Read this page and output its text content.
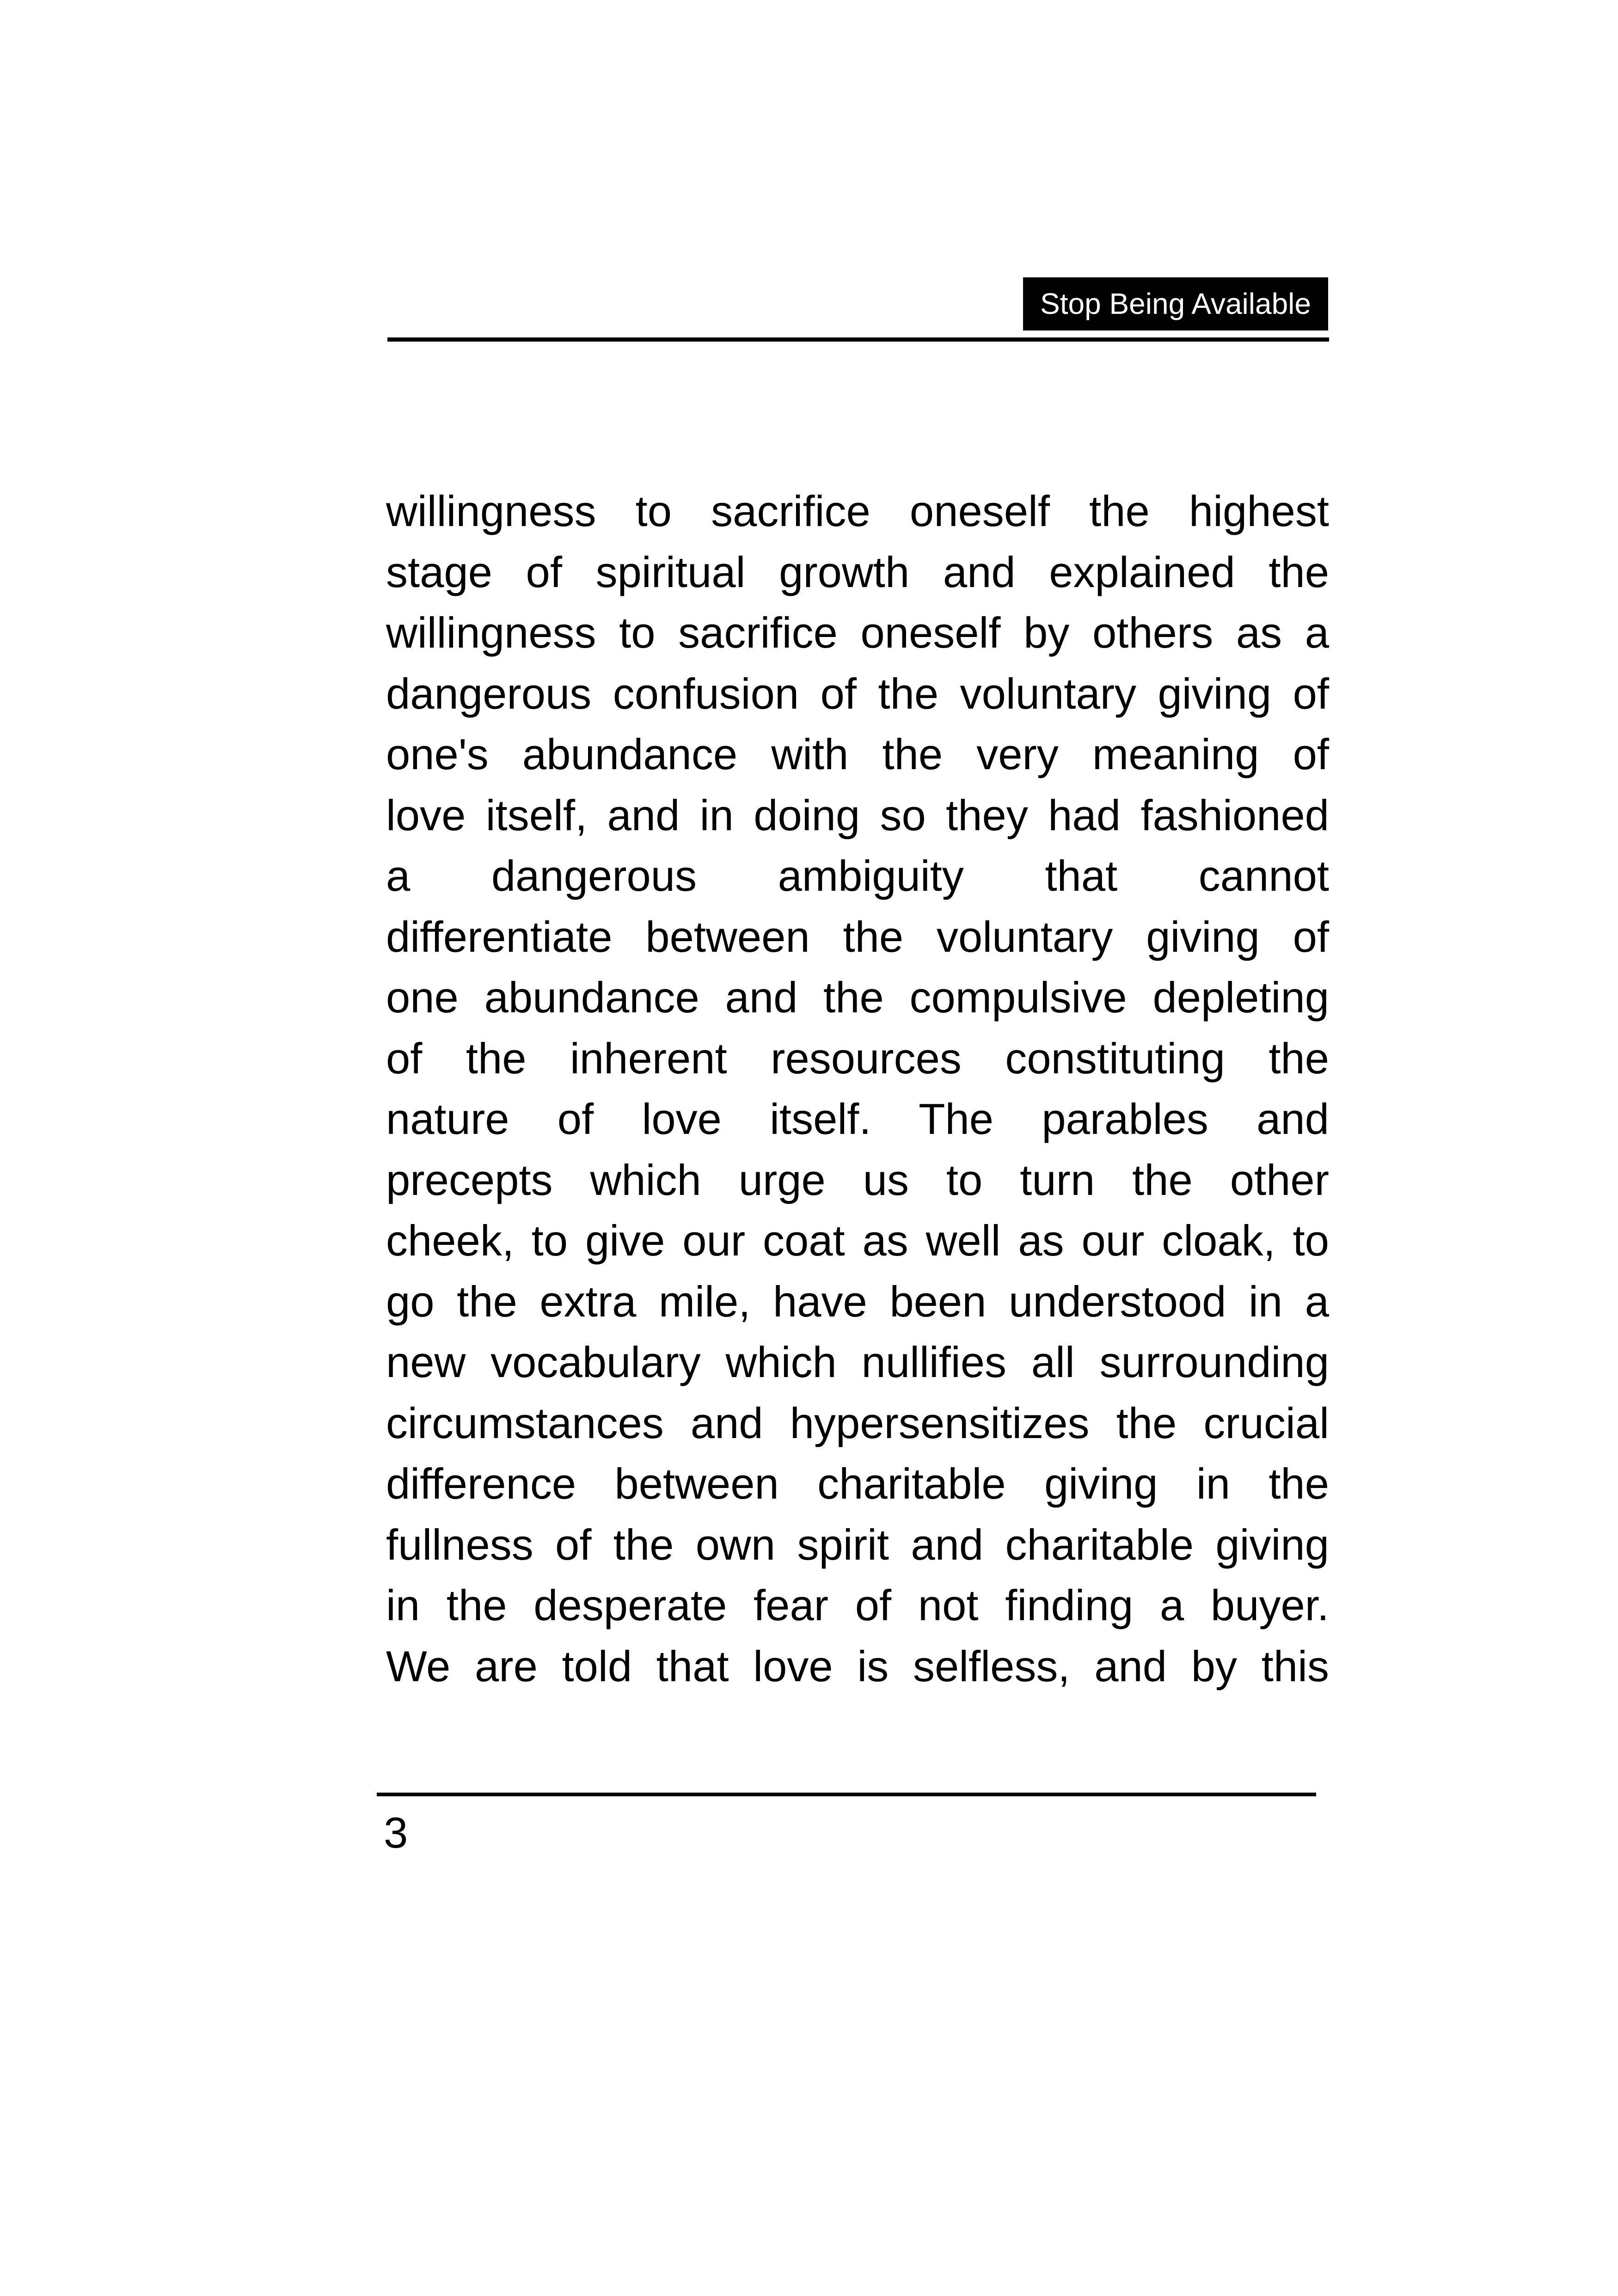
Stop Being Available
willingness to sacrifice oneself the highest
stage of spiritual growth and explained the
willingness to sacrifice oneself by others as a
dangerous confusion of the voluntary giving of
one's abundance with the very meaning of
love itself, and in doing so they had fashioned
a dangerous ambiguity that cannot
differentiate between the voluntary giving of
one abundance and the compulsive depleting
of the inherent resources constituting the
nature of love itself. The parables and
precepts which urge us to turn the other
cheek, to give our coat as well as our cloak, to
go the extra mile, have been understood in a
new vocabulary which nullifies all surrounding
circumstances and hypersensitizes the crucial
difference between charitable giving in the
fullness of the own spirit and charitable giving
in the desperate fear of not finding a buyer.
We are told that love is selfless, and by this
3
